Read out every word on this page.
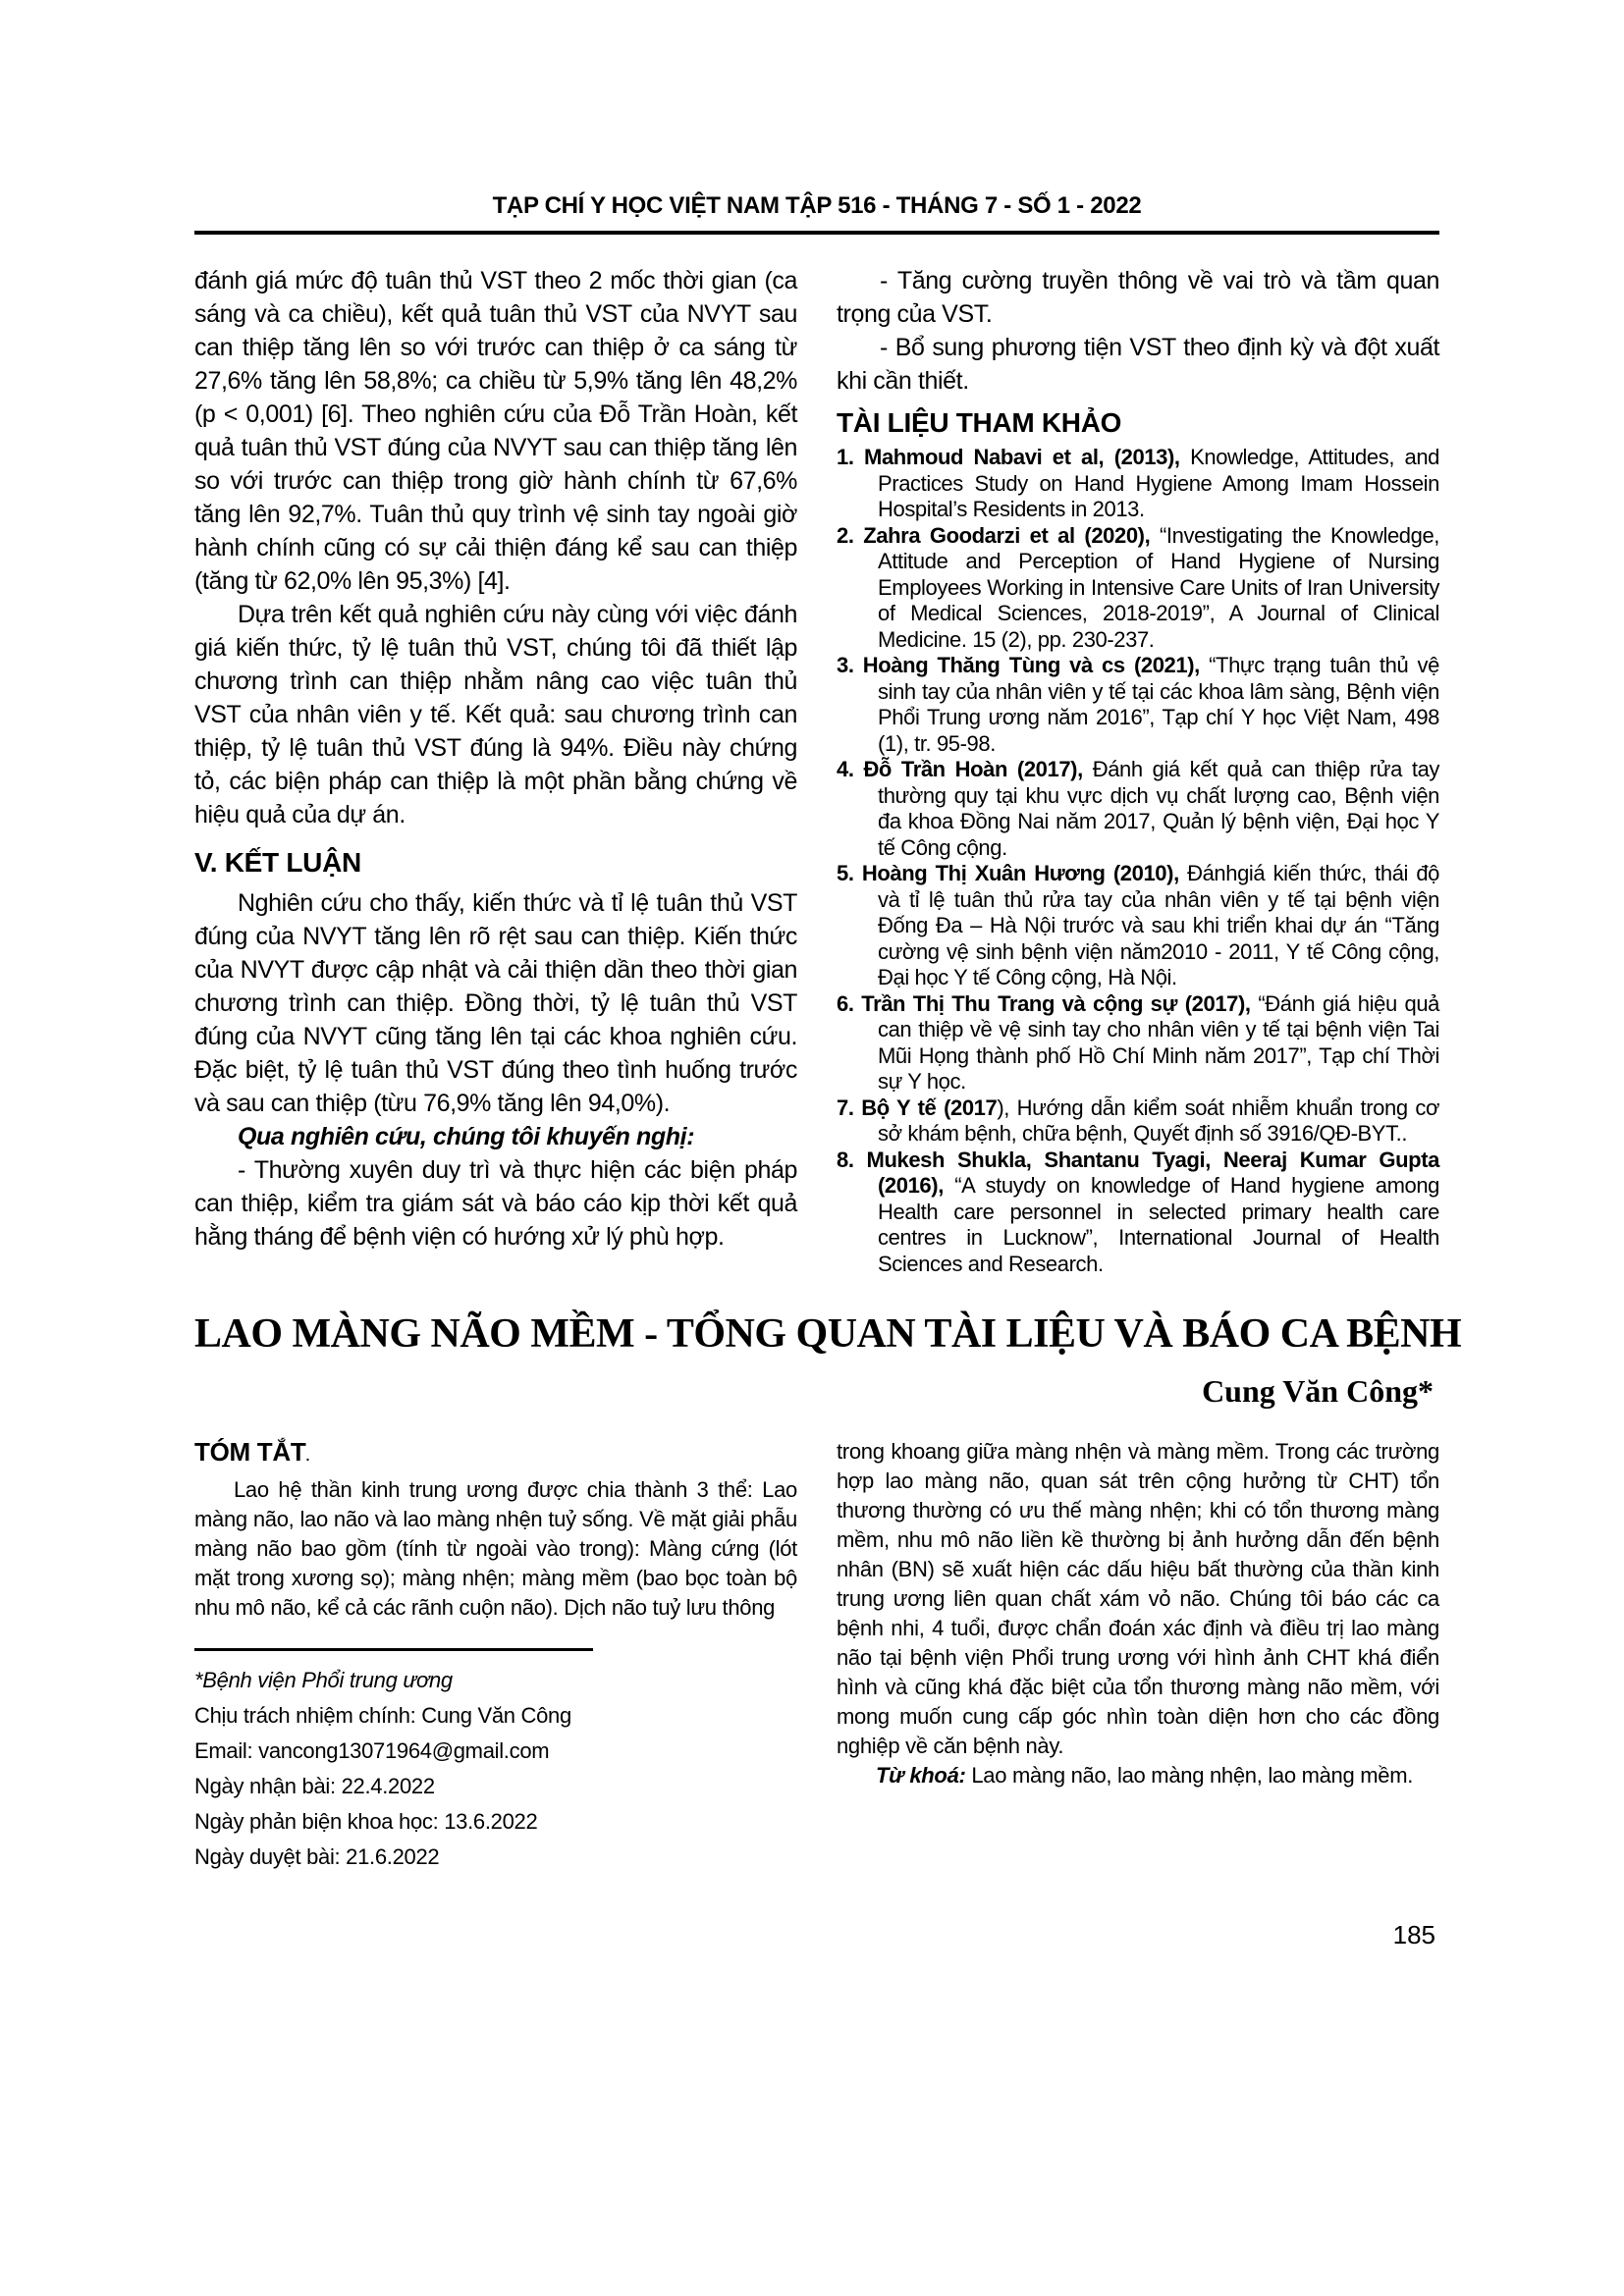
TẠP CHÍ Y HỌC VIỆT NAM TẬP 516 - THÁNG 7 - SỐ 1 - 2022

đánh giá mức độ tuân thủ VST theo 2 mốc thời gian (ca sáng và ca chiều), kết quả tuân thủ VST của NVYT sau can thiệp tăng lên so với trước can thiệp ở ca sáng từ 27,6% tăng lên 58,8%; ca chiều từ 5,9% tăng lên 48,2% (p < 0,001) [6]. Theo nghiên cứu của Đỗ Trần Hoàn, kết quả tuân thủ VST đúng của NVYT sau can thiệp tăng lên so với trước can thiệp trong giờ hành chính từ 67,6% tăng lên 92,7%. Tuân thủ quy trình vệ sinh tay ngoài giờ hành chính cũng có sự cải thiện đáng kể sau can thiệp (tăng từ 62,0% lên 95,3%) [4].

Dựa trên kết quả nghiên cứu này cùng với việc đánh giá kiến thức, tỷ lệ tuân thủ VST, chúng tôi đã thiết lập chương trình can thiệp nhằm nâng cao việc tuân thủ VST của nhân viên y tế. Kết quả: sau chương trình can thiệp, tỷ lệ tuân thủ VST đúng là 94%. Điều này chứng tỏ, các biện pháp can thiệp là một phần bằng chứng về hiệu quả của dự án.

V. KẾT LUẬN

Nghiên cứu cho thấy, kiến thức và tỉ lệ tuân thủ VST đúng của NVYT tăng lên rõ rệt sau can thiệp. Kiến thức của NVYT được cập nhật và cải thiện dần theo thời gian chương trình can thiệp. Đồng thời, tỷ lệ tuân thủ VST đúng của NVYT cũng tăng lên tại các khoa nghiên cứu. Đặc biệt, tỷ lệ tuân thủ VST đúng theo tình huống trước và sau can thiệp (từu 76,9% tăng lên 94,0%).

Qua nghiên cứu, chúng tôi khuyến nghị:

- Thường xuyên duy trì và thực hiện các biện pháp can thiệp, kiểm tra giám sát và báo cáo kịp thời kết quả hằng tháng để bệnh viện có hướng xử lý phù hợp.

- Tăng cường truyền thông về vai trò và tầm quan trọng của VST.

- Bổ sung phương tiện VST theo định kỳ và đột xuất khi cần thiết.

TÀI LIỆU THAM KHẢO
1. Mahmoud Nabavi et al, (2013), Knowledge, Attitudes, and Practices Study on Hand Hygiene Among Imam Hossein Hospital’s Residents in 2013.
2. Zahra Goodarzi et al (2020), “Investigating the Knowledge, Attitude and Perception of Hand Hygiene of Nursing Employees Working in Intensive Care Units of Iran University of Medical Sciences, 2018-2019”, A Journal of Clinical Medicine. 15 (2), pp. 230-237.
3. Hoàng Thăng Tùng và cs (2021), “Thực trạng tuân thủ vệ sinh tay của nhân viên y tế tại các khoa lâm sàng, Bệnh viện Phổi Trung ương năm 2016”, Tạp chí Y học Việt Nam, 498 (1), tr. 95-98.
4. Đỗ Trần Hoàn (2017), Đánh giá kết quả can thiệp rửa tay thường quy tại khu vực dịch vụ chất lượng cao, Bệnh viện đa khoa Đồng Nai năm 2017, Quản lý bệnh viện, Đại học Y tế Công cộng.
5. Hoàng Thị Xuân Hương (2010), Đánhgiá kiến thức, thái độ và tỉ lệ tuân thủ rửa tay của nhân viên y tế tại bệnh viện Đống Đa – Hà Nội trước và sau khi triển khai dự án “Tăng cường vệ sinh bệnh viện năm2010 - 2011, Y tế Công cộng, Đại học Y tế Công cộng, Hà Nội.
6. Trần Thị Thu Trang và cộng sự (2017), “Đánh giá hiệu quả can thiệp về vệ sinh tay cho nhân viên y tế tại bệnh viện Tai Mũi Họng thành phố Hồ Chí Minh năm 2017”, Tạp chí Thời sự Y học.
7. Bộ Y tế (2017), Hướng dẫn kiểm soát nhiễm khuẩn trong cơ sở khám bệnh, chữa bệnh, Quyết định số 3916/QĐ-BYT..
8. Mukesh Shukla, Shantanu Tyagi, Neeraj Kumar Gupta (2016), “A stuydy on knowledge of Hand hygiene among Health care personnel in selected primary health care centres in Lucknow”, International Journal of Health Sciences and Research.
LAO MÀNG NÃO MỀM - TỔNG QUAN TÀI LIỆU VÀ BÁO CA BỆNH
Cung Văn Công*
TÓM TẮT.

Lao hệ thần kinh trung ương được chia thành 3 thể: Lao màng não, lao não và lao màng nhện tuỷ sống. Về mặt giải phẫu màng não bao gồm (tính từ ngoài vào trong): Màng cứng (lót mặt trong xương sọ); màng nhện; màng mềm (bao bọc toàn bộ nhu mô não, kể cả các rãnh cuộn não). Dịch não tuỷ lưu thông

*Bệnh viện Phổi trung ương
Chịu trách nhiệm chính: Cung Văn Công
Email: vancong13071964@gmail.com
Ngày nhận bài: 22.4.2022
Ngày phản biện khoa học: 13.6.2022
Ngày duyệt bài: 21.6.2022

trong khoang giữa màng nhện và màng mềm. Trong các trường hợp lao màng não, quan sát trên cộng hưởng từ CHT) tổn thương thường có ưu thế màng nhện; khi có tổn thương màng mềm, nhu mô não liền kề thường bị ảnh hưởng dẫn đến bệnh nhân (BN) sẽ xuất hiện các dấu hiệu bất thường của thần kinh trung ương liên quan chất xám vỏ não. Chúng tôi báo các ca bệnh nhi, 4 tuổi, được chẩn đoán xác định và điều trị lao màng não tại bệnh viện Phổi trung ương với hình ảnh CHT khá điển hình và cũng khá đặc biệt của tổn thương màng não mềm, với mong muốn cung cấp góc nhìn toàn diện hơn cho các đồng nghiệp về căn bệnh này.

Từ khoá: Lao màng não, lao màng nhện, lao màng mềm.

185
